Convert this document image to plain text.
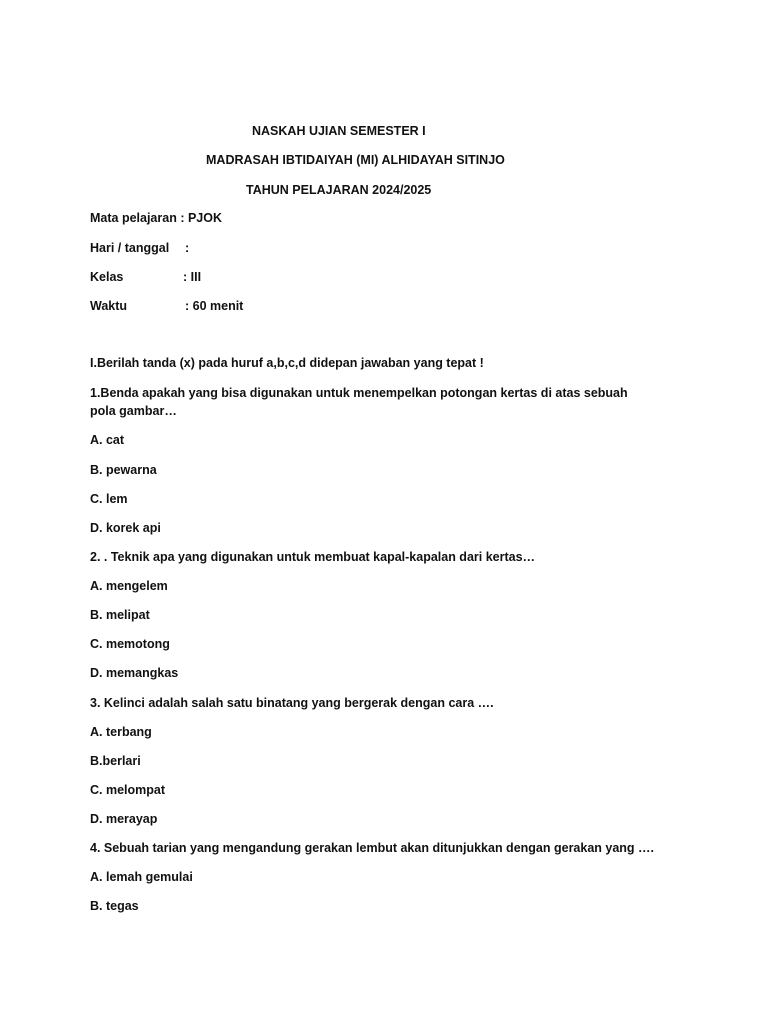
NASKAH UJIAN SEMESTER I
MADRASAH IBTIDAIYAH (MI) ALHIDAYAH SITINJO
TAHUN PELAJARAN 2024/2025
Mata pelajaran : PJOK
Hari / tanggal :
Kelas	: III
Waktu	: 60 menit
I.Berilah tanda (x) pada huruf a,b,c,d didepan jawaban yang tepat !
1.Benda apakah yang bisa digunakan untuk menempelkan potongan kertas di atas sebuah pola gambar…
A. cat
B. pewarna
C. lem
D. korek api
2. . Teknik apa yang digunakan untuk membuat kapal-kapalan dari kertas…
A. mengelem
B. melipat
C. memotong
D. memangkas
3. Kelinci adalah salah satu binatang yang bergerak dengan cara ….
A. terbang
B.berlari
C. melompat
D. merayap
4. Sebuah tarian yang mengandung gerakan lembut akan ditunjukkan dengan gerakan yang ….
A. lemah gemulai
B. tegas
